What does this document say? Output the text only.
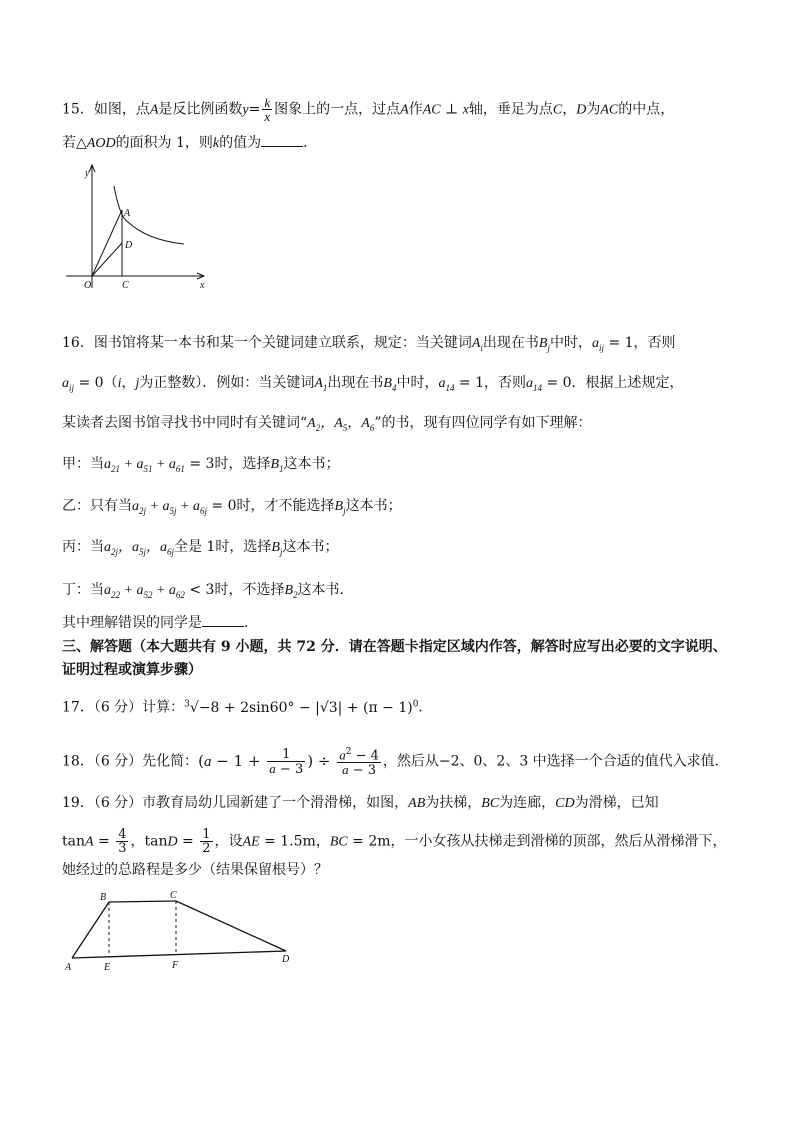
15．如图，点A是反比例函数$y= \frac{k}{x}$ 图象上的一点，过点A作AC ⊥ x轴，垂足为点C，D为AC的中点，
若△AOD的面积为 1，则k的值为	．
y
x
O
A
D
C
16．图书馆将某一本书和某一个关键词建立联系，规定：当关键词$A_i$出现在书$B_j$中时，$a_{ij} = 1$，否则
$a_{ij} = 0(i$，j为正整数）．例如：当关键词$A_1$出现在书$B_4$中时，$a_{14} = 1$，否则$a_{14} = 0$．根据上述规定，
某读者去图书馆寻找书中同时有关键词“$A_2$，$A_5$，$A_6$”的书，现有四位同学有如下理解：
甲：当$a_{21} + a_{51} + a_{61} = 3$时，选择$B_1$这本书；
乙：只有当$a_{2j} + a_{5j} + a_{6j} = 0$时，才不能选择$B_j$这本书；
丙：当$a_{2j}$，$a_{5j}$，$a_{6j}$全是 1时，选择$B_j$这本书；
丁：当$a_{22} + a_{52} + a_{62} < 3$时，不选择$B_2$这本书．
其中理解错误的同学是	．
三、解答题（本大题共有 9 小题，共 72 分．请在答题卡指定区域内作答，解答时应写出必要的文字说明、
证明过程或演算步骤）
17．（6 分）计算：$^3√-8 + 2\sin 60^\circ - |√3| + (\pi - 1)^0$．
18．（6 分）先化简：($a - 1 + \frac{1}{a - 3}$ ) ÷ $\frac{a^2 - 4}{a - 3}$ ，然后从−2、0、2、3 中选择一个合适的值代入求值．
19．（6 分）市教育局幼儿园新建了一个滑滑梯，如图，AB为扶梯，BC为连廊，CD为滑梯，已知
$\tan A = \frac{4}{3}$ ，$\tan D = \frac{1}{2}$ ，设AE = 1.5m，BC = 2m，一小女孩从扶梯走到滑梯的顶部，然后从滑梯滑下，
她经过的总路程是多少（结果保留根号）？
A
B	C
D
E	F
